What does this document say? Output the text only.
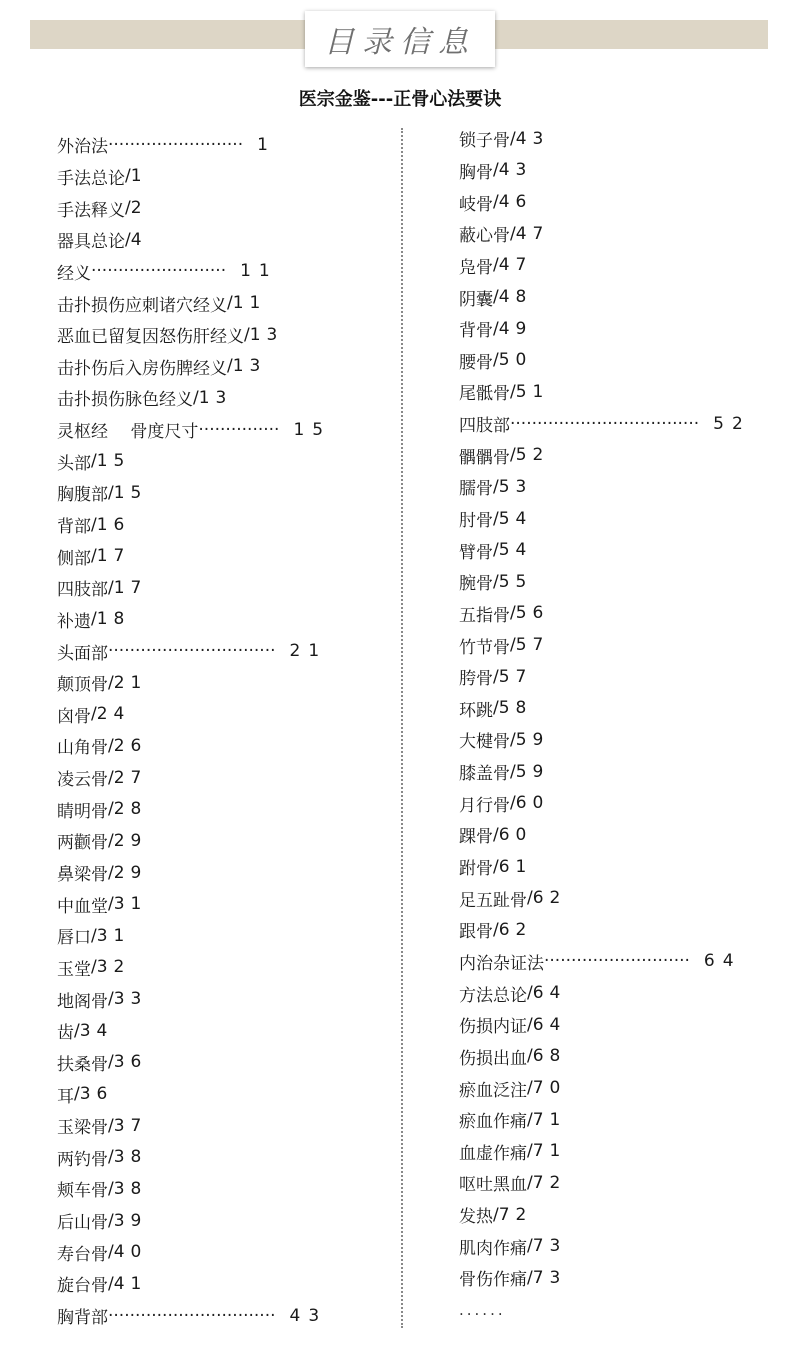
目录信息
医宗金鉴---正骨心法要诀
外治法 ························· 1
手法总论 / 1
手法释义 / 2
器具总论 / 4
经义 ························· 11
击扑损伤应刺诸穴经义 / 11
恶血已留复因怒伤肝经义 / 13
击扑伤后入房伤脾经义 / 13
击扑损伤脉色经义 / 13
灵枢经　 骨度尺寸 ··············· 15
头部 / 15
胸腹部 / 15
背部 / 16
侧部 / 17
四肢部 / 17
补遗 / 18
头面部 ······························· 21
颠顶骨 / 21
囟骨 / 24
山角骨 / 26
凌云骨 / 27
睛明骨 / 28
两颧骨 / 29
鼻梁骨 / 29
中血堂 / 31
唇口 / 31
玉堂 / 32
地阁骨 / 33
齿 / 34
扶桑骨 / 36
耳 / 36
玉梁骨 / 37
两钓骨 / 38
颊车骨 / 38
后山骨 / 39
寿台骨 / 40
旋台骨 / 41
胸背部 ······························· 43
锁子骨 / 43
胸骨 / 43
岐骨 / 46
蔽心骨 / 47
凫骨 / 47
阴囊 / 48
背骨 / 49
腰骨 / 50
尾骶骨 / 51
四肢部 ··································· 52
髃髃骨 / 52
臑骨 / 53
肘骨 / 54
臂骨 / 54
腕骨 / 55
五指骨 / 56
竹节骨 / 57
胯骨 / 57
环跳 / 58
大楗骨 / 59
膝盖骨 / 59
月行骨 / 60
踝骨 / 60
跗骨 / 61
足五趾骨 / 62
跟骨 / 62
内治杂证法 ··························· 64
方法总论 / 64
伤损内证 / 64
伤损出血 / 68
瘀血泛注 / 70
瘀血作痛 / 71
血虚作痛 / 71
呕吐黑血 / 72
发热 / 72
肌肉作痛 / 73
骨伤作痛 / 73
......
